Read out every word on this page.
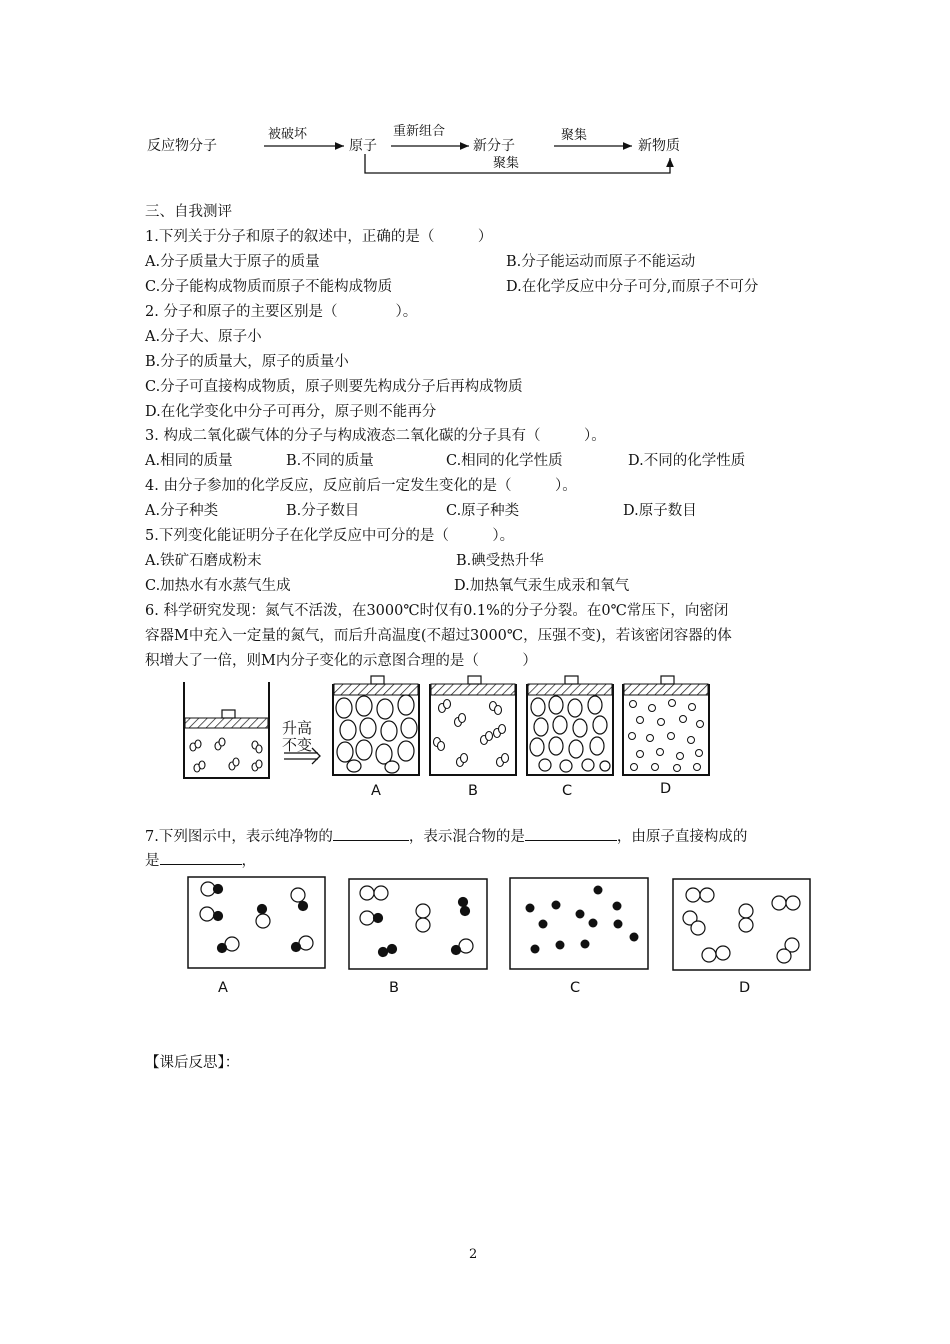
反应物分子
被破坏
原子
重新组合
新分子
聚集
新物质
聚集
三、自我测评
1.下列关于分子和原子的叙述中，正确的是（　　　）
A.分子质量大于原子的质量	B.分子能运动而原子不能运动
C.分子能构成物质而原子不能构成物质	D.在化学反应中分子可分,而原子不可分
2. 分子和原子的主要区别是（　　　　）。
A.分子大、原子小
B.分子的质量大，原子的质量小
C.分子可直接构成物质，原子则要先构成分子后再构成物质
D.在化学变化中分子可再分，原子则不能再分
3. 构成二氧化碳气体的分子与构成液态二氧化碳的分子具有（　　　）。
A.相同的质量	B.不同的质量	C.相同的化学性质	D.不同的化学性质
4. 由分子参加的化学反应，反应前后一定发生变化的是（　　　）。
A.分子种类	B.分子数目	C.原子种类	D.原子数目
5.下列变化能证明分子在化学反应中可分的是（　　　）。
A.铁矿石磨成粉末	B.碘受热升华
C.加热水有水蒸气生成	D.加热氧气汞生成汞和氧气
6. 科学研究发现：氮气不活泼，在3000℃时仅有0.1%的分子分裂。在0℃常压下，向密闭
容器M中充入一定量的氮气，而后升高温度(不超过3000℃，压强不变)，若该密闭容器的体
积增大了一倍，则M内分子变化的示意图合理的是（　　　）
升高
不变
A	B	C	D
7.下列图示中，表示纯净物的	，表示混合物的是	，由原子直接构成的
是	，
A	B	C	D
【课后反思】：
2
